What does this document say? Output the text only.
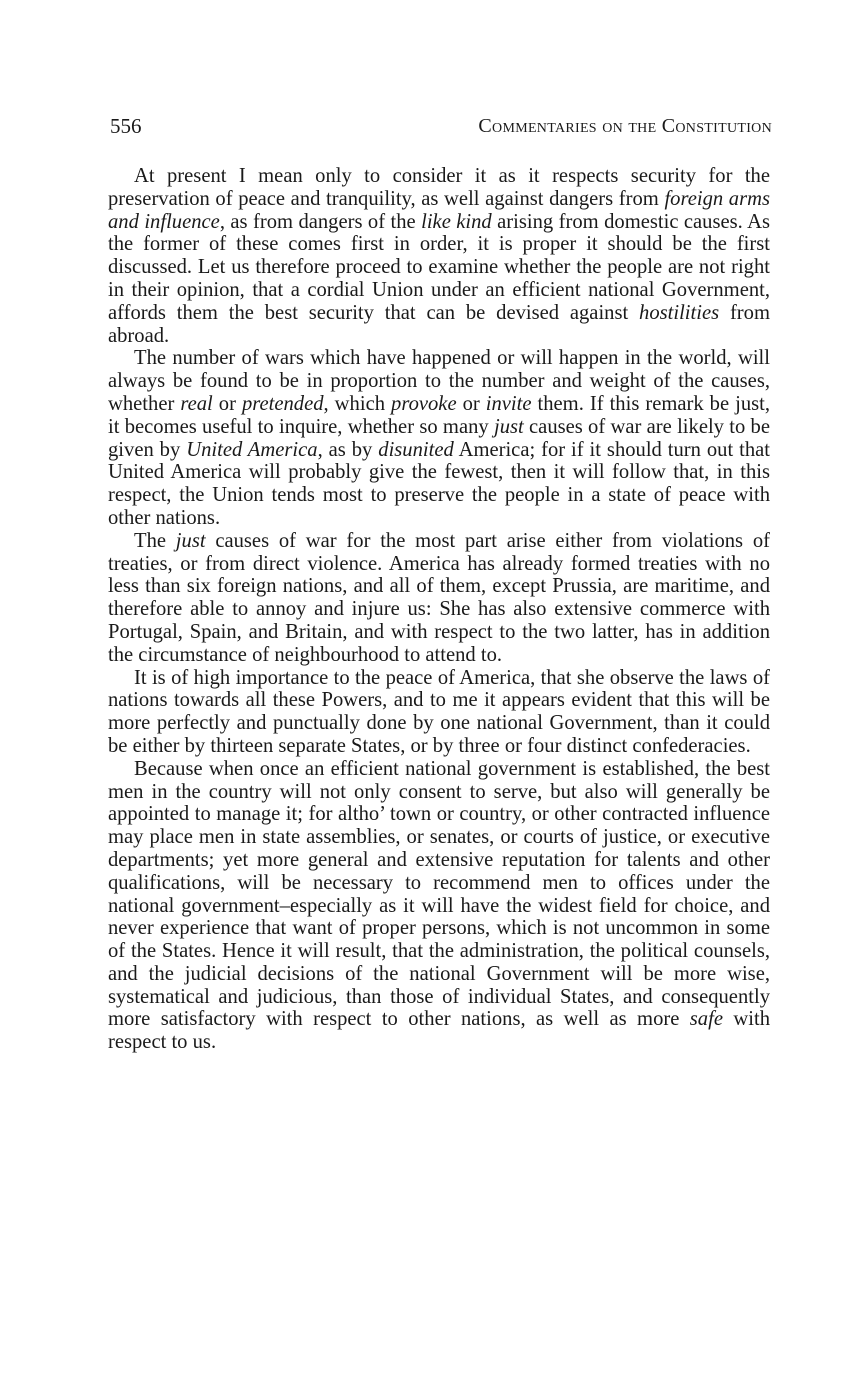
556	Commentaries on the Constitution

At present I mean only to consider it as it respects security for the preservation of peace and tranquility, as well against dangers from foreign arms and influence, as from dangers of the like kind arising from domestic causes. As the former of these comes first in order, it is proper it should be the first discussed. Let us therefore proceed to examine whether the people are not right in their opinion, that a cordial Union under an efficient national Government, affords them the best security that can be devised against hostilities from abroad.

The number of wars which have happened or will happen in the world, will always be found to be in proportion to the number and weight of the causes, whether real or pretended, which provoke or invite them. If this remark be just, it becomes useful to inquire, whether so many just causes of war are likely to be given by United America, as by disunited America; for if it should turn out that United America will probably give the fewest, then it will follow that, in this respect, the Union tends most to preserve the people in a state of peace with other nations.

The just causes of war for the most part arise either from violations of treaties, or from direct violence. America has already formed treaties with no less than six foreign nations, and all of them, except Prussia, are maritime, and therefore able to annoy and injure us: She has also extensive commerce with Portugal, Spain, and Britain, and with respect to the two latter, has in addition the circumstance of neighbourhood to attend to.

It is of high importance to the peace of America, that she observe the laws of nations towards all these Powers, and to me it appears evident that this will be more perfectly and punctually done by one national Government, than it could be either by thirteen separate States, or by three or four distinct confederacies.

Because when once an efficient national government is established, the best men in the country will not only consent to serve, but also will generally be appointed to manage it; for altho’ town or country, or other contracted influence may place men in state assemblies, or senates, or courts of justice, or executive departments; yet more general and extensive reputation for talents and other qualifications, will be necessary to recommend men to offices under the national government–especially as it will have the widest field for choice, and never experience that want of proper persons, which is not uncommon in some of the States. Hence it will result, that the administration, the political counsels, and the judicial decisions of the national Government will be more wise, systematical and judicious, than those of individual States, and consequently more satisfactory with respect to other nations, as well as more safe with respect to us.
